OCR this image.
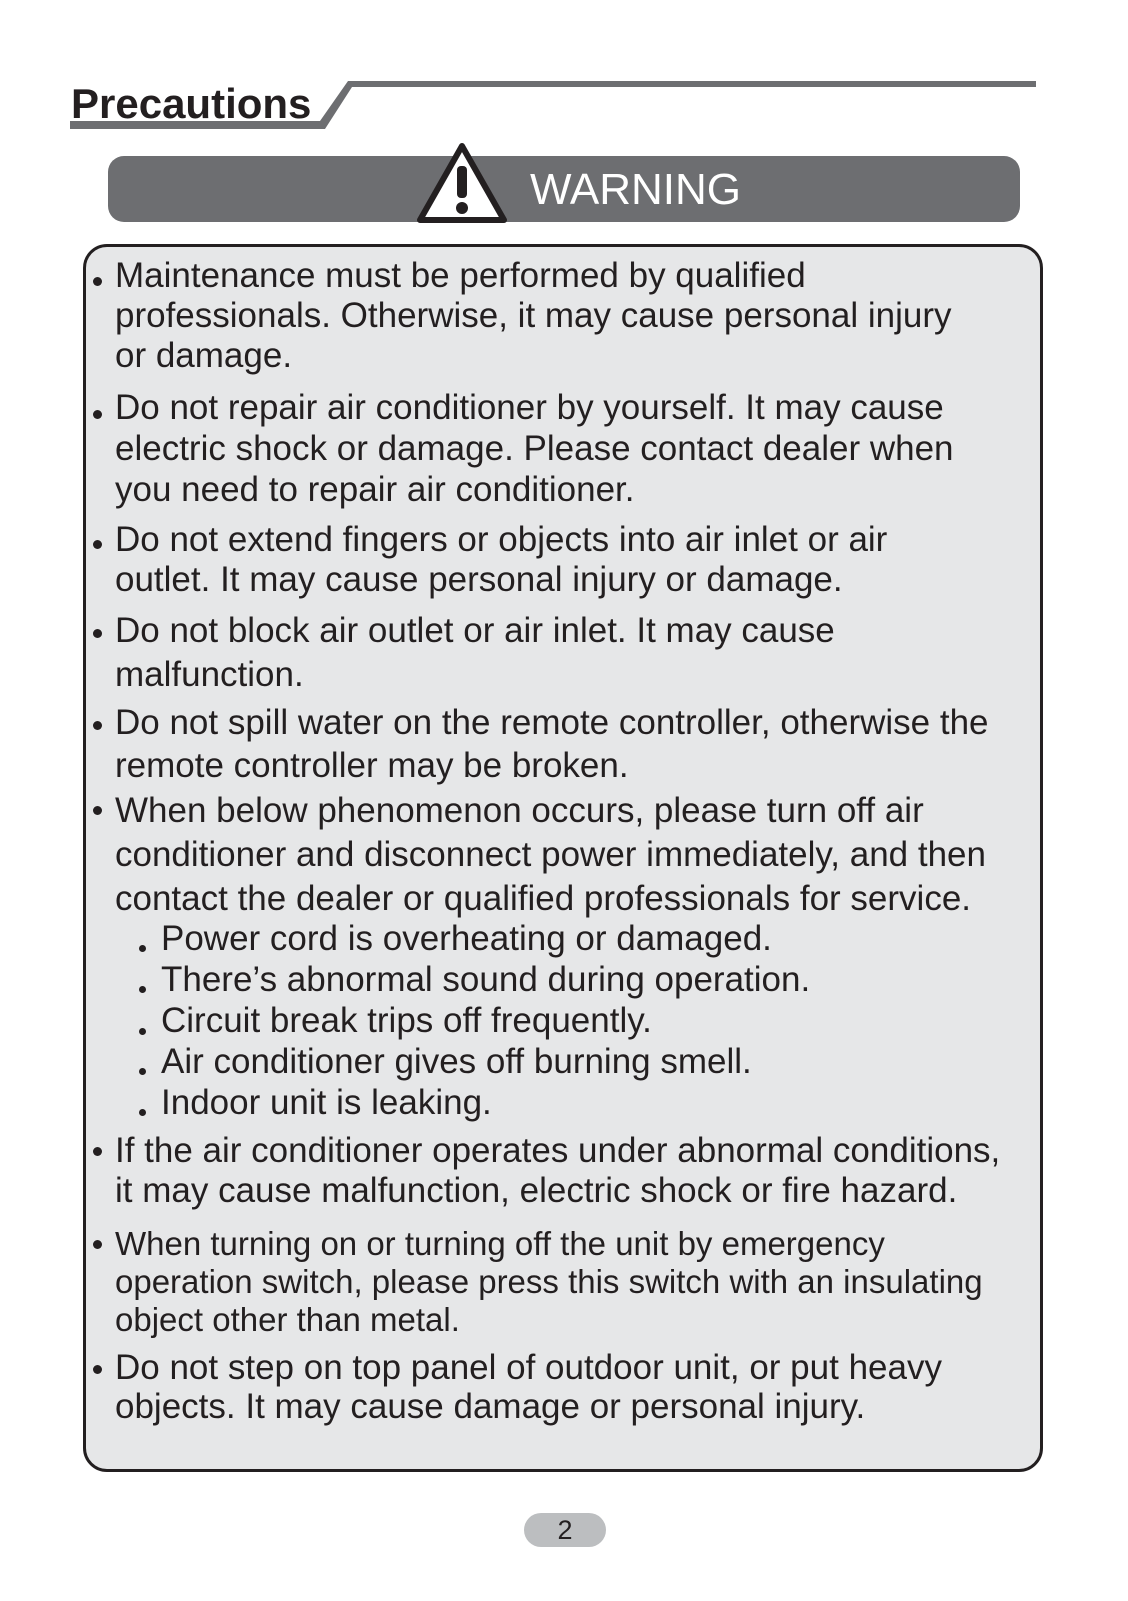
Precautions
WARNING
Maintenance must be performed by qualified
professionals. Otherwise, it may cause personal injury
or damage.
Do not repair air conditioner by yourself. It may cause
electric shock or damage. Please contact dealer when
you need to repair air conditioner.
Do not extend fingers or objects into air inlet or air
outlet. It may cause personal injury or damage.
Do not block air outlet or air inlet. It may cause
malfunction.
Do not spill water on the remote controller, otherwise the
remote controller may be broken.
When below phenomenon occurs, please turn off air
conditioner and disconnect power immediately, and then
contact the dealer or qualified professionals for service.
Power cord is overheating or damaged.
There’s abnormal sound during operation.
Circuit break trips off frequently.
Air conditioner gives off burning smell.
Indoor unit is leaking.
If the air conditioner operates under abnormal conditions,
it may cause malfunction, electric shock or fire hazard.
When turning on or turning off the unit by emergency
operation switch, please press this switch with an insulating
object other than metal.
Do not step on top panel of outdoor unit, or put heavy
objects. It may cause damage or personal injury.
2
